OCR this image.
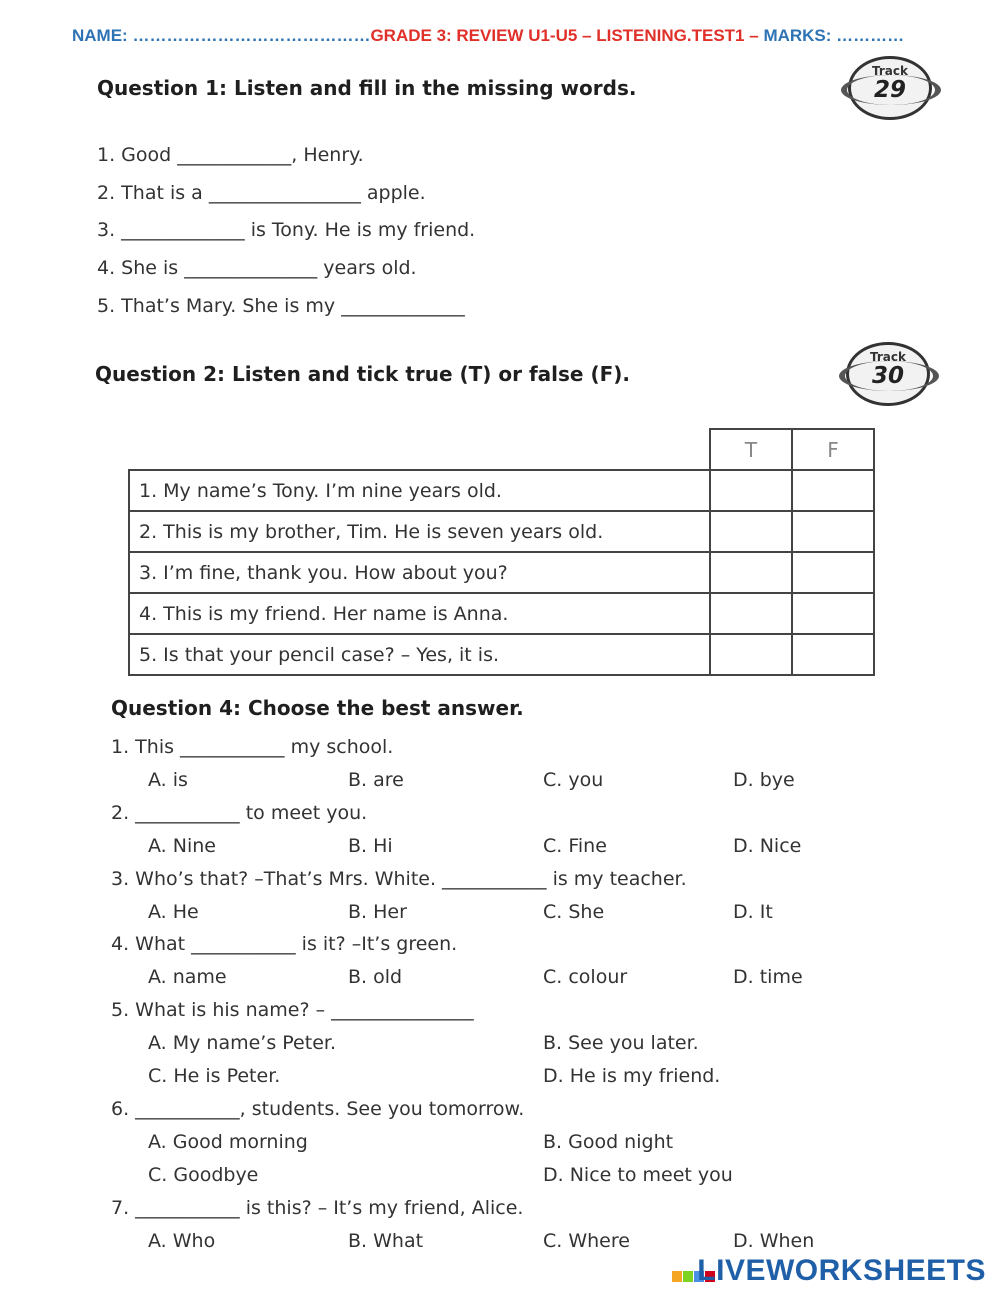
NAME: ……………………………………GRADE 3: REVIEW U1-U5 – LISTENING.TEST1 – MARKS: …………
Question 1: Listen and fill in the missing words.
Track
29
1. Good ____________, Henry.
2. That is a ________________ apple.
3. _____________ is Tony. He is my friend.
4. She is ______________ years old.
5. That’s Mary. She is my _____________
Question 2: Listen and tick true (T) or false (F).
Track
30
	T	F
1. My name’s Tony. I’m nine years old.		
2. This is my brother, Tim. He is seven years old.		
3. I’m fine, thank you. How about you?		
4. This is my friend. Her name is Anna.		
5. Is that your pencil case? – Yes, it is.		
Question 4: Choose the best answer.
1. This ___________ my school.
A. is	B. are	C. you	D. bye
2. ___________ to meet you.
A. Nine	B. Hi	C. Fine	D. Nice
3. Who’s that? –That’s Mrs. White. ___________ is my teacher.
A. He	B. Her	C. She	D. It
4. What ___________ is it? –It’s green.
A. name	B. old	C. colour	D. time
5. What is his name? – _______________
A. My name’s Peter.	B. See you later.
C. He is Peter.	D. He is my friend.
6. ___________, students. See you tomorrow.
A. Good morning	B. Good night
C. Goodbye	D. Nice to meet you
7. ___________ is this? – It’s my friend, Alice.
A. Who	B. What	C. Where	D. When
LIVEWORKSHEETS
